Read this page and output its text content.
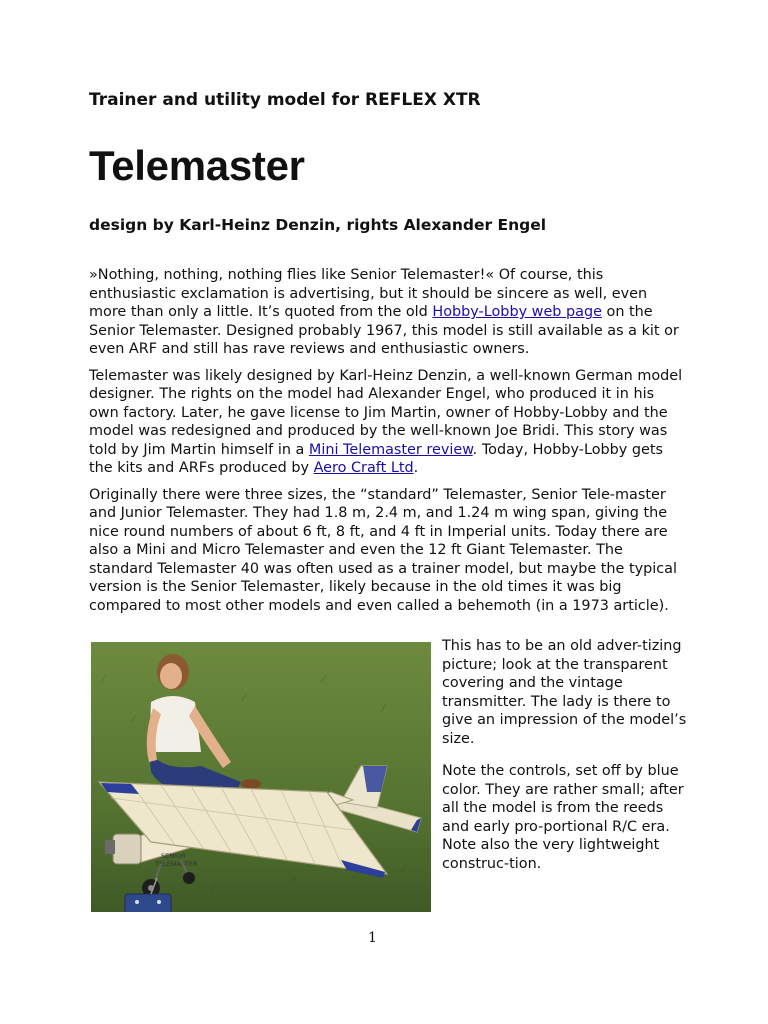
Trainer and utility model for REFLEX XTR
Telemaster
design by Karl-Heinz Denzin, rights Alexander Engel

»Nothing, nothing, nothing flies like Senior Telemaster!« Of course, this enthusiastic exclamation is advertising, but it should be sincere as well, even more than only a little. It’s quoted from the old Hobby-Lobby web page on the Senior Telemaster. Designed probably 1967, this model is still available as a kit or even ARF and still has rave reviews and enthusiastic owners.

Telemaster was likely designed by Karl-Heinz Denzin, a well-known German model designer. The rights on the model had Alexander Engel, who produced it in his own factory. Later, he gave license to Jim Martin, owner of Hobby-Lobby and the model was redesigned and produced by the well-known Joe Bridi. This story was told by Jim Martin himself in a Mini Telemaster review. Today, Hobby-Lobby gets the kits and ARFs produced by Aero Craft Ltd.

Originally there were three sizes, the “standard” Telemaster, Senior Tele-master and Junior Telemaster. They had 1.8 m, 2.4 m, and 1.24 m wing span, giving the nice round numbers of about 6 ft, 8 ft, and 4 ft in Imperial units. Today there are also a Mini and Micro Telemaster and even the 12 ft Giant Telemaster. The standard Telemaster 40 was often used as a trainer model, but maybe the typical version is the Senior Telemaster, likely because in the old times it was big compared to most other models and even called a behemoth (in a 1973 article).

SENIOR
TELEMASTER

This has to be an old adver-tizing picture; look at the transparent covering and the vintage transmitter. The lady is there to give an impression of the model’s size.

Note the controls, set off by blue color. They are rather small; after all the model is from the reeds and early pro-portional R/C era. Note also the very lightweight construc-tion.

1
